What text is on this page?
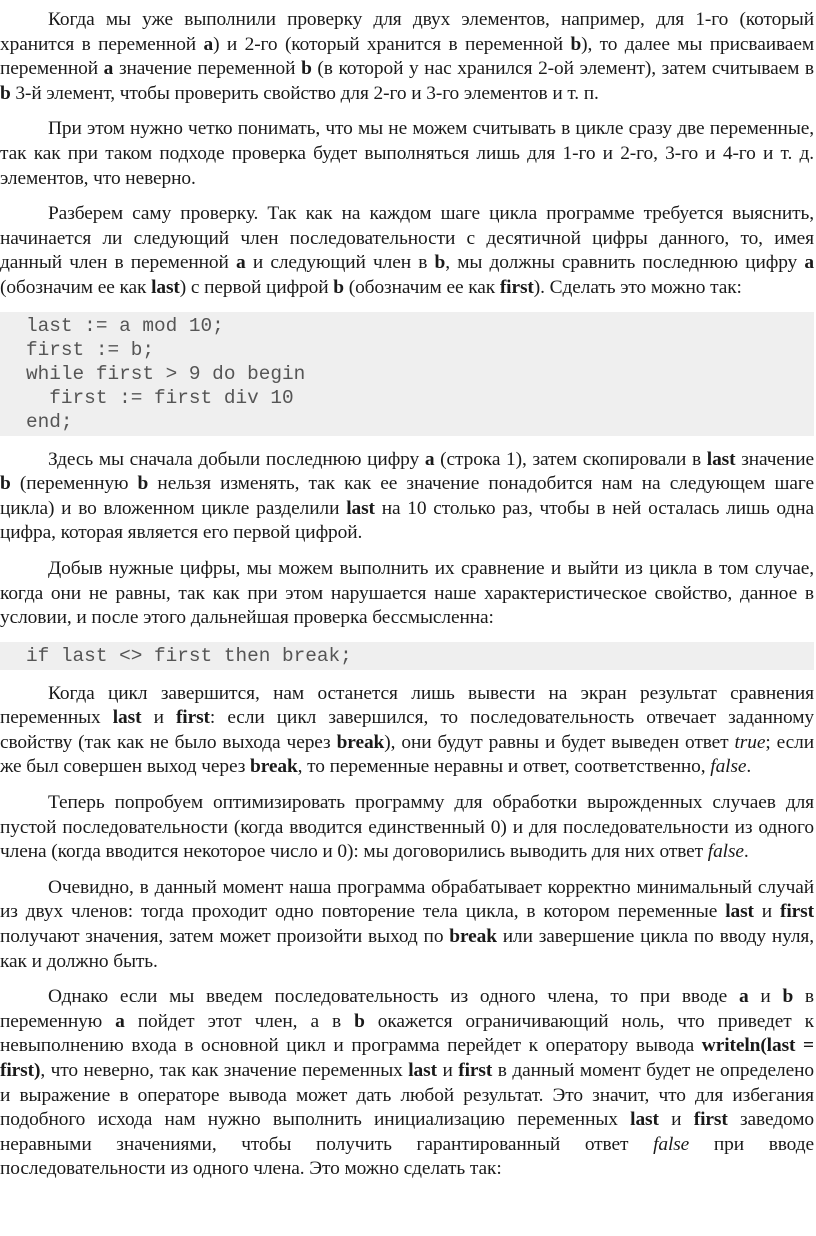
Когда мы уже выполнили проверку для двух элементов, например, для 1-го (который хранится в переменной a) и 2-го (который хранится в переменной b), то далее мы присваиваем переменной a значение переменной b (в которой у нас хранился 2-ой элемент), затем считываем в b 3-й элемент, чтобы проверить свойство для 2-го и 3-го элементов и т. п.

При этом нужно четко понимать, что мы не можем считывать в цикле сразу две переменные, так как при таком подходе проверка будет выполняться лишь для 1-го и 2-го, 3-го и 4-го и т. д. элементов, что неверно.

Разберем саму проверку. Так как на каждом шаге цикла программе требуется выяснить, начинается ли следующий член последовательности с десятичной цифры данного, то, имея данный член в переменной a и следующий член в b, мы должны сравнить последнюю цифру a (обозначим ее как last) с первой цифрой b (обозначим ее как first). Сделать это можно так:

last := a mod 10;
first := b;
while first > 9 do begin
first := first div 10
end;

Здесь мы сначала добыли последнюю цифру a (строка 1), затем скопировали в last значение b (переменную b нельзя изменять, так как ее значение понадобится нам на следующем шаге цикла) и во вложенном цикле разделили last на 10 столько раз, чтобы в ней осталась лишь одна цифра, которая является его первой цифрой.

Добыв нужные цифры, мы можем выполнить их сравнение и выйти из цикла в том случае, когда они не равны, так как при этом нарушается наше характеристическое свойство, данное в условии, и после этого дальнейшая проверка бессмысленна:

if last <> first then break;

Когда цикл завершится, нам останется лишь вывести на экран результат сравнения переменных last и first: если цикл завершился, то последовательность отвечает заданному свойству (так как не было выхода через break), они будут равны и будет выведен ответ true; если же был совершен выход через break, то переменные неравны и ответ, соответственно, false.

Теперь попробуем оптимизировать программу для обработки вырожденных случаев для пустой последовательности (когда вводится единственный 0) и для последовательности из одного члена (когда вводится некоторое число и 0): мы договорились выводить для них ответ false.

Очевидно, в данный момент наша программа обрабатывает корректно минимальный случай из двух членов: тогда проходит одно повторение тела цикла, в котором переменные last и first получают значения, затем может произойти выход по break или завершение цикла по вводу нуля, как и должно быть.

Однако если мы введем последовательность из одного члена, то при вводе a и b в переменную a пойдет этот член, а в b окажется ограничивающий ноль, что приведет к невыполнению входа в основной цикл и программа перейдет к оператору вывода writeln(last = first), что неверно, так как значение переменных last и first в данный момент будет не определено и выражение в операторе вывода может дать любой результат. Это значит, что для избегания подобного исхода нам нужно выполнить инициализацию переменных last и first заведомо неравными значениями, чтобы получить гарантированный ответ false при вводе последовательности из одного члена. Это можно сделать так:
